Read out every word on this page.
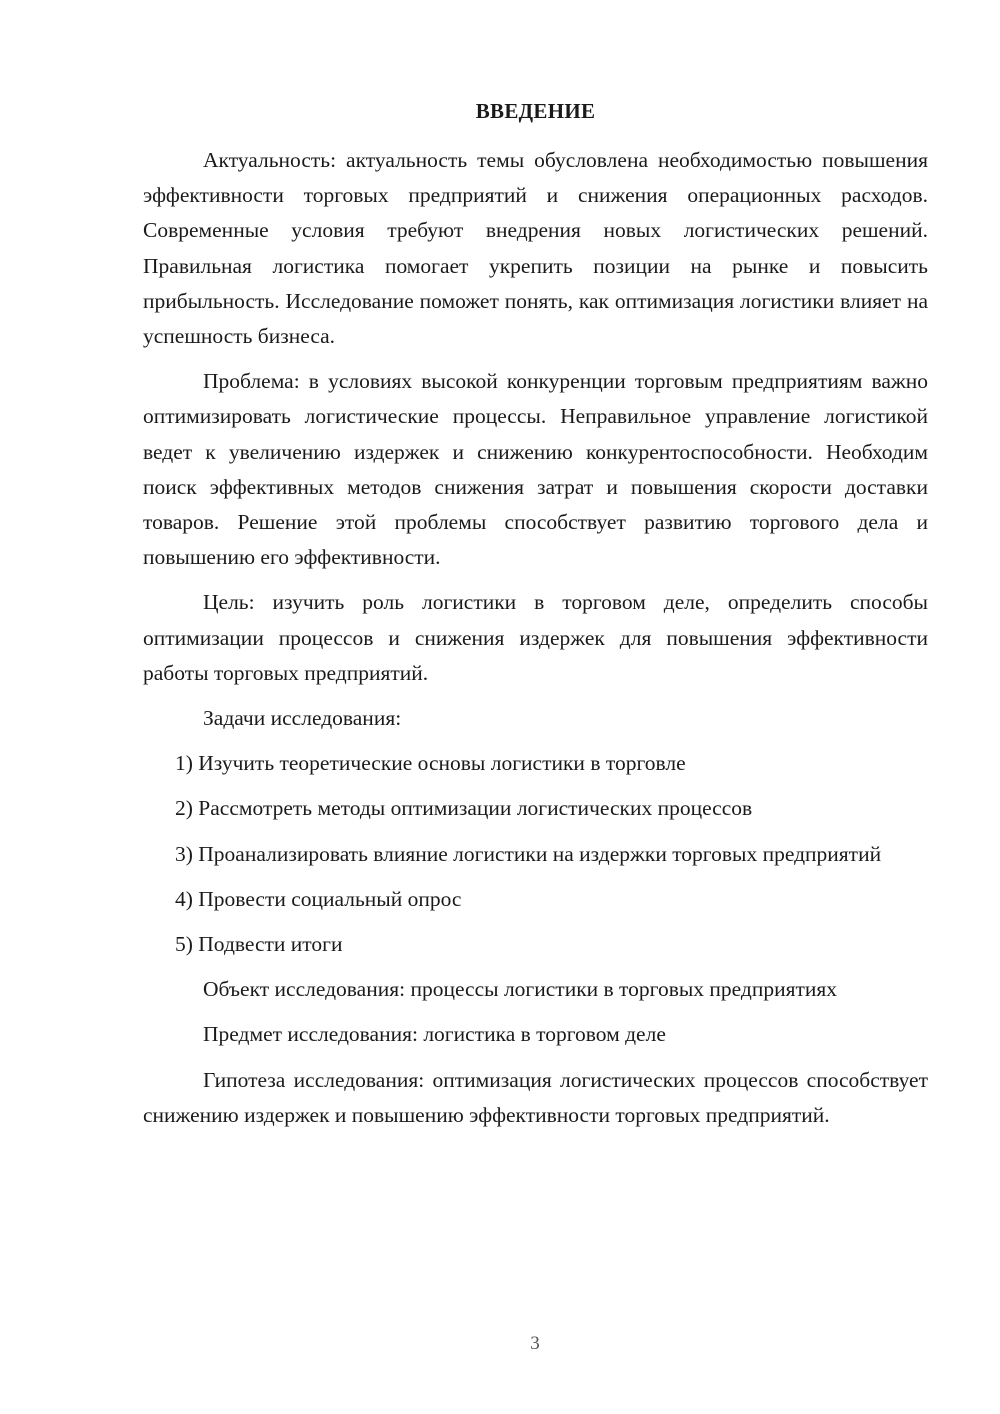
ВВЕДЕНИЕ

Актуальность: актуальность темы обусловлена необходимостью повышения эффективности торговых предприятий и снижения операционных расходов. Современные условия требуют внедрения новых логистических решений. Правильная логистика помогает укрепить позиции на рынке и повысить прибыльность. Исследование поможет понять, как оптимизация логистики влияет на успешность бизнеса.

Проблема: в условиях высокой конкуренции торговым предприятиям важно оптимизировать логистические процессы. Неправильное управление логистикой ведет к увеличению издержек и снижению конкурентоспособности. Необходим поиск эффективных методов снижения затрат и повышения скорости доставки товаров. Решение этой проблемы способствует развитию торгового дела и повышению его эффективности.

Цель: изучить роль логистики в торговом деле, определить способы оптимизации процессов и снижения издержек для повышения эффективности работы торговых предприятий.

Задачи исследования:

1) Изучить теоретические основы логистики в торговле

2) Рассмотреть методы оптимизации логистических процессов

3) Проанализировать влияние логистики на издержки торговых предприятий

4) Провести социальный опрос

5) Подвести итоги

Объект исследования: процессы логистики в торговых предприятиях

Предмет исследования: логистика в торговом деле

Гипотеза исследования: оптимизация логистических процессов способствует снижению издержек и повышению эффективности торговых предприятий.

3
